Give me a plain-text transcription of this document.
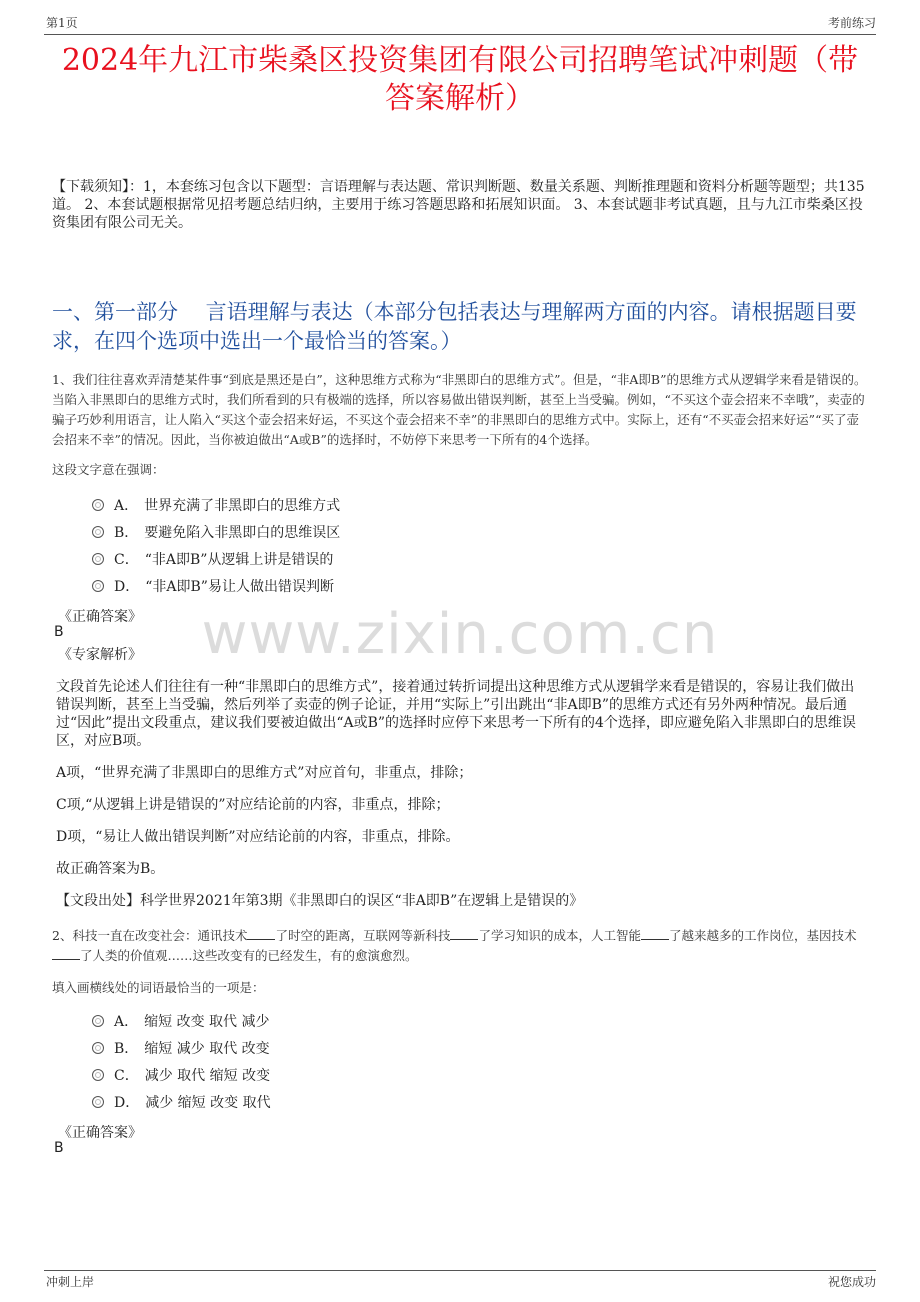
第1页	考前练习
2024年九江市柴桑区投资集团有限公司招聘笔试冲刺题（带答案解析）
【下载须知】：1，本套练习包含以下题型：言语理解与表达题、常识判断题、数量关系题、判断推理题和资料分析题等题型；共135道。 2、本套试题根据常见招考题总结归纳，主要用于练习答题思路和拓展知识面。 3、本套试题非考试真题，且与九江市柴桑区投资集团有限公司无关。
一、第一部分　 言语理解与表达（本部分包括表达与理解两方面的内容。请根据题目要求，在四个选项中选出一个最恰当的答案。）
1、我们往往喜欢弄清楚某件事“到底是黑还是白”，这种思维方式称为“非黑即白的思维方式”。但是，“非A即B”的思维方式从逻辑学来看是错误的。当陷入非黑即白的思维方式时，我们所看到的只有极端的选择，所以容易做出错误判断，甚至上当受骗。例如，“不买这个壶会招来不幸哦”，卖壶的骗子巧妙利用语言，让人陷入“买这个壶会招来好运，不买这个壶会招来不幸”的非黑即白的思维方式中。实际上，还有“不买壶会招来好运”“买了壶会招来不幸”的情况。因此，当你被迫做出“A或B”的选择时，不妨停下来思考一下所有的4个选择。
这段文字意在强调：
A． 世界充满了非黑即白的思维方式
B． 要避免陷入非黑即白的思维误区
C． “非A即B”从逻辑上讲是错误的
D． “非A即B”易让人做出错误判断
《正确答案》
B
《专家解析》	www.zixin.com.cn
文段首先论述人们往往有一种“非黑即白的思维方式”，接着通过转折词提出这种思维方式从逻辑学来看是错误的，容易让我们做出错误判断，甚至上当受骗，然后列举了卖壶的例子论证，并用“实际上”引出跳出“非A即B”的思维方式还有另外两种情况。最后通过“因此”提出文段重点，建议我们要被迫做出“A或B”的选择时应停下来思考一下所有的4个选择，即应避免陷入非黑即白的思维误区，对应B项。
A项，“世界充满了非黑即白的思维方式”对应首句，非重点，排除；
C项,“从逻辑上讲是错误的”对应结论前的内容，非重点，排除；
D项，“易让人做出错误判断”对应结论前的内容，非重点，排除。
故正确答案为B。
【文段出处】科学世界2021年第3期《非黑即白的误区“非A即B”在逻辑上是错误的》
2、科技一直在改变社会：通讯技术 了时空的距离，互联网等新科技 了学习知识的成本，人工智能 了越来越多的工作岗位，基因技术了人类的价值观……这些改变有的已经发生，有的愈演愈烈。
填入画横线处的词语最恰当的一项是：
A． 缩短 改变 取代 减少
B． 缩短 减少 取代 改变
C． 减少 取代 缩短 改变
D． 减少 缩短 改变 取代
《正确答案》
B
冲刺上岸	祝您成功
